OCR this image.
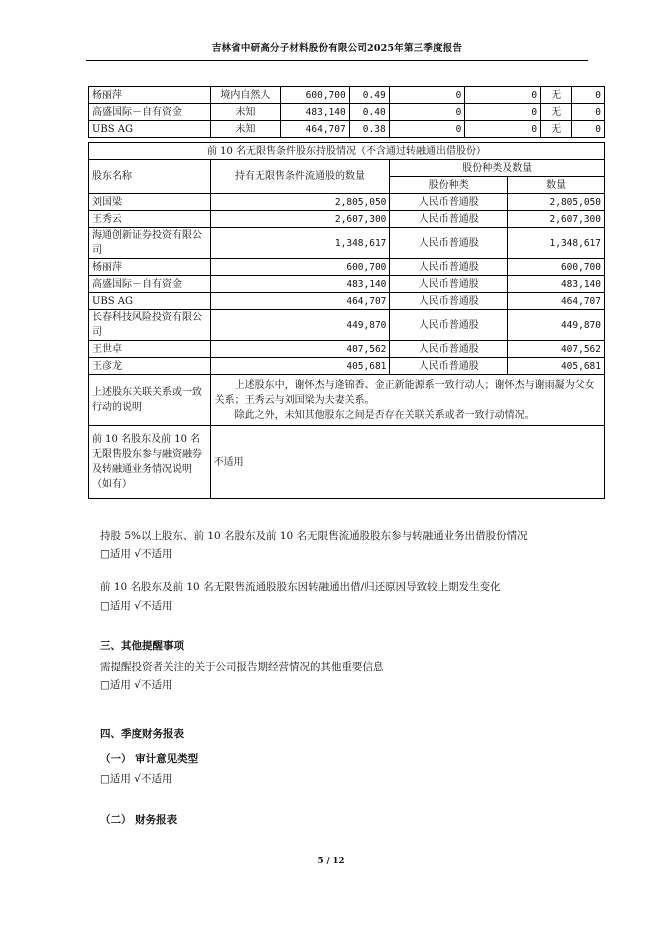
吉林省中研高分子材料股份有限公司2025年第三季度报告
杨丽萍	境内自然人	600,700	0.49	0	0	无	0
高盛国际－自有资金	未知	483,140	0.40	0	0	无	0
UBS AG	未知	464,707	0.38	0	0	无	0
前 10 名无限售条件股东持股情况（不含通过转融通出借股份）			
股东名称	持有无限售条件流通股的数量	股份种类及数量	
		股份种类	数量
刘国梁	2,805,050	人民币普通股	2,805,050
王秀云	2,607,300	人民币普通股	2,607,300
海通创新证券投资有限公司	1,348,617	人民币普通股	1,348,617
杨丽萍	600,700	人民币普通股	600,700
高盛国际－自有资金	483,140	人民币普通股	483,140
UBS AG	464,707	人民币普通股	464,707
长春科技风险投资有限公司	449,870	人民币普通股	449,870
王世卓	407,562	人民币普通股	407,562
王彦龙	405,681	人民币普通股	405,681
上述股东关联关系或一致行动的说明	上述股东中，谢怀杰与逄锦香、金正新能源系一致行动人；谢怀杰与谢雨凝为父女关系；王秀云与刘国梁为夫妻关系。
除此之外，未知其他股东之间是否存在关联关系或者一致行动情况。		

前 10 名股东及前 10 名无限售股东参与融资融券及转融通业务情况说明（如有）	不适用		
持股 5%以上股东、前 10 名股东及前 10 名无限售流通股股东参与转融通业务出借股份情况
□适用 √不适用
前 10 名股东及前 10 名无限售流通股股东因转融通出借/归还原因导致较上期发生变化
□适用 √不适用
三、其他提醒事项
需提醒投资者关注的关于公司报告期经营情况的其他重要信息
□适用 √不适用
四、季度财务报表
（一） 审计意见类型
□适用 √不适用
（二） 财务报表
5 / 12
